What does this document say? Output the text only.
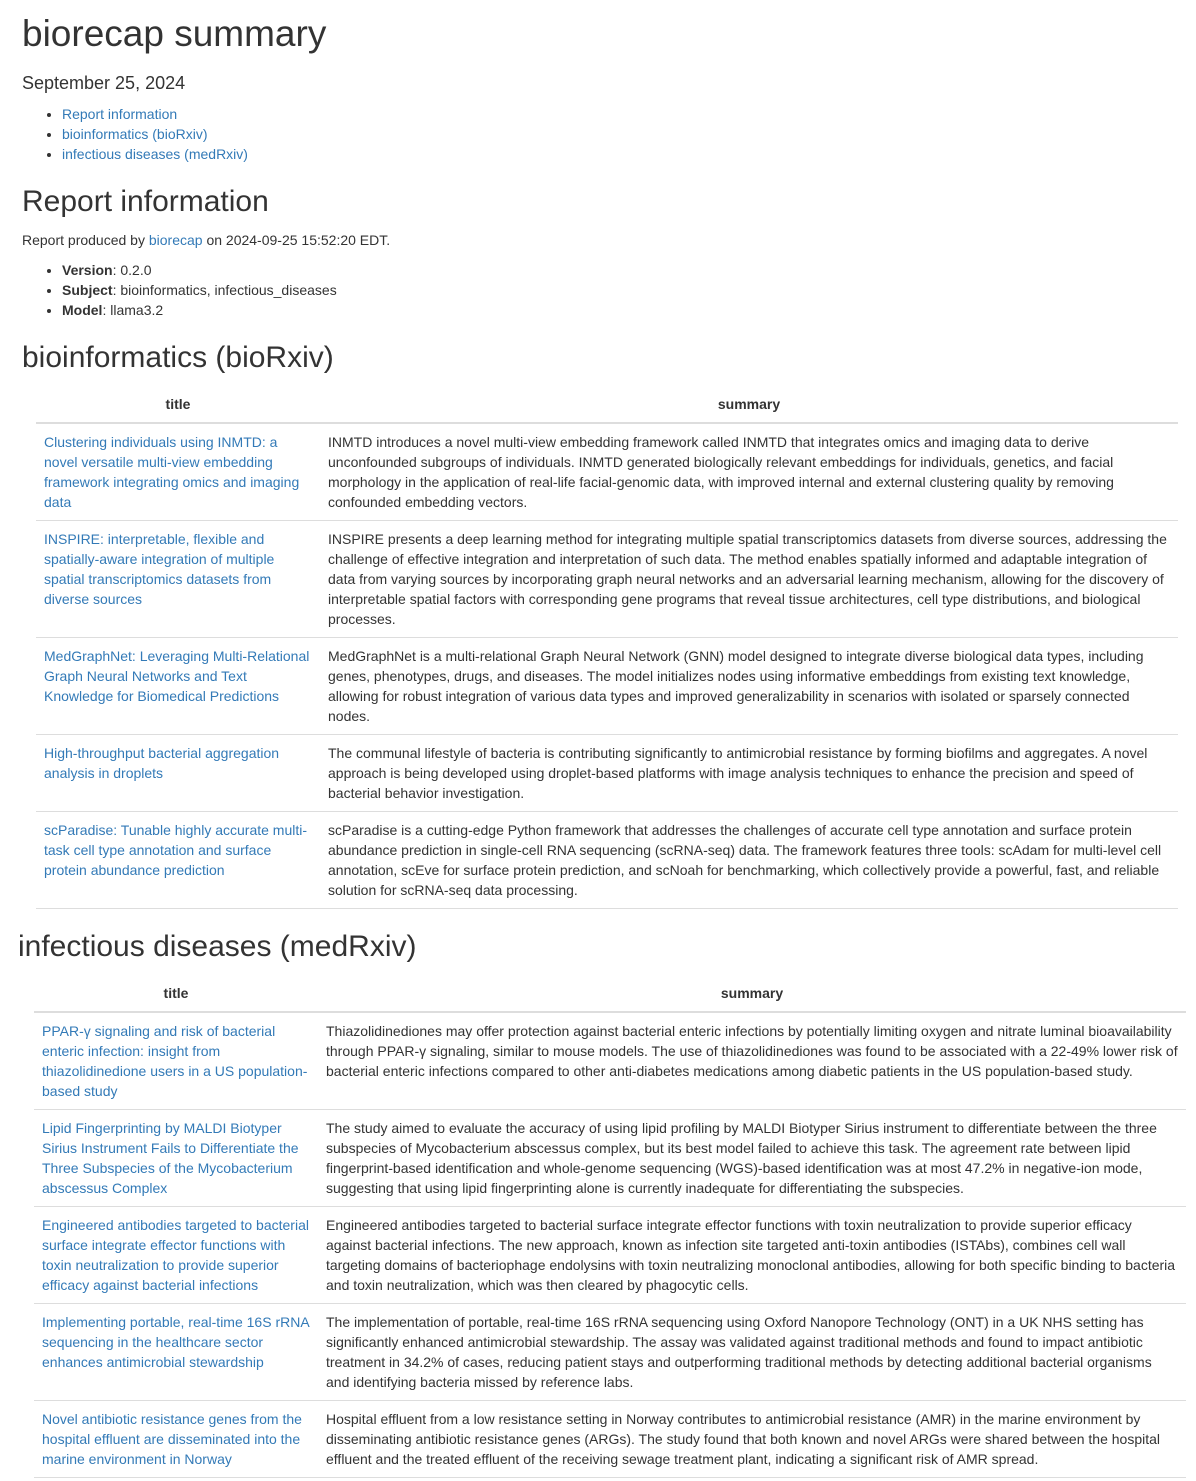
biorecap summary
September 25, 2024
• Report information
• bioinformatics (bioRxiv)
• infectious diseases (medRxiv)
Report information

Report produced by biorecap on 2024-09-25 15:52:20 EDT.

• Version: 0.2.0
• Subject: bioinformatics, infectious_diseases
• Model: llama3.2
bioinformatics (bioRxiv)
title	summary
Clustering individuals using INMTD: a novel versatile multi-view embedding framework integrating omics and imaging data	INMTD introduces a novel multi-view embedding framework called INMTD that integrates omics and imaging data to derive unconfounded subgroups of individuals. INMTD generated biologically relevant embeddings for individuals, genetics, and facial morphology in the application of real-life facial-genomic data, with improved internal and external clustering quality by removing confounded embedding vectors.
INSPIRE: interpretable, flexible and spatially-aware integration of multiple spatial transcriptomics datasets from diverse sources	INSPIRE presents a deep learning method for integrating multiple spatial transcriptomics datasets from diverse sources, addressing the challenge of effective integration and interpretation of such data. The method enables spatially informed and adaptable integration of data from varying sources by incorporating graph neural networks and an adversarial learning mechanism, allowing for the discovery of interpretable spatial factors with corresponding gene programs that reveal tissue architectures, cell type distributions, and biological processes.
MedGraphNet: Leveraging Multi-Relational Graph Neural Networks and Text Knowledge for Biomedical Predictions	MedGraphNet is a multi-relational Graph Neural Network (GNN) model designed to integrate diverse biological data types, including genes, phenotypes, drugs, and diseases. The model initializes nodes using informative embeddings from existing text knowledge, allowing for robust integration of various data types and improved generalizability in scenarios with isolated or sparsely connected nodes.
High-throughput bacterial aggregation analysis in droplets	The communal lifestyle of bacteria is contributing significantly to antimicrobial resistance by forming biofilms and aggregates. A novel approach is being developed using droplet-based platforms with image analysis techniques to enhance the precision and speed of bacterial behavior investigation.
scParadise: Tunable highly accurate multi-task cell type annotation and surface protein abundance prediction	scParadise is a cutting-edge Python framework that addresses the challenges of accurate cell type annotation and surface protein abundance prediction in single-cell RNA sequencing (scRNA-seq) data. The framework features three tools: scAdam for multi-level cell annotation, scEve for surface protein prediction, and scNoah for benchmarking, which collectively provide a powerful, fast, and reliable solution for scRNA-seq data processing.
infectious diseases (medRxiv)
title	summary
PPAR-γ signaling and risk of bacterial enteric infection: insight from thiazolidinedione users in a US population-based study	Thiazolidinediones may offer protection against bacterial enteric infections by potentially limiting oxygen and nitrate luminal bioavailability through PPAR-γ signaling, similar to mouse models. The use of thiazolidinediones was found to be associated with a 22-49% lower risk of bacterial enteric infections compared to other anti-diabetes medications among diabetic patients in the US population-based study.
Lipid Fingerprinting by MALDI Biotyper Sirius Instrument Fails to Differentiate the Three Subspecies of the Mycobacterium abscessus Complex	The study aimed to evaluate the accuracy of using lipid profiling by MALDI Biotyper Sirius instrument to differentiate between the three subspecies of Mycobacterium abscessus complex, but its best model failed to achieve this task. The agreement rate between lipid fingerprint-based identification and whole-genome sequencing (WGS)-based identification was at most 47.2% in negative-ion mode, suggesting that using lipid fingerprinting alone is currently inadequate for differentiating the subspecies.
Engineered antibodies targeted to bacterial surface integrate effector functions with toxin neutralization to provide superior efficacy against bacterial infections	Engineered antibodies targeted to bacterial surface integrate effector functions with toxin neutralization to provide superior efficacy against bacterial infections. The new approach, known as infection site targeted anti-toxin antibodies (ISTAbs), combines cell wall targeting domains of bacteriophage endolysins with toxin neutralizing monoclonal antibodies, allowing for both specific binding to bacteria and toxin neutralization, which was then cleared by phagocytic cells.
Implementing portable, real-time 16S rRNA sequencing in the healthcare sector enhances antimicrobial stewardship	The implementation of portable, real-time 16S rRNA sequencing using Oxford Nanopore Technology (ONT) in a UK NHS setting has significantly enhanced antimicrobial stewardship. The assay was validated against traditional methods and found to impact antibiotic treatment in 34.2% of cases, reducing patient stays and outperforming traditional methods by detecting additional bacterial organisms and identifying bacteria missed by reference labs.
Novel antibiotic resistance genes from the hospital effluent are disseminated into the marine environment in Norway	Hospital effluent from a low resistance setting in Norway contributes to antimicrobial resistance (AMR) in the marine environment by disseminating antibiotic resistance genes (ARGs). The study found that both known and novel ARGs were shared between the hospital effluent and the treated effluent of the receiving sewage treatment plant, indicating a significant risk of AMR spread.
